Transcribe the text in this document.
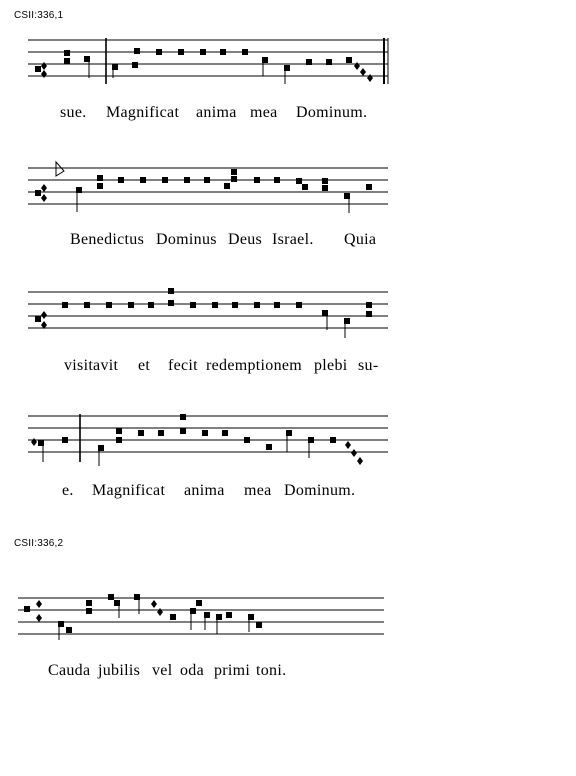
CSII:336,1
sue. Magnificat anima mea Dominum.
Benedictus Dominus Deus Israel. Quia
visitavit et fecit redemptionem plebi su-
e. Magnificat anima mea Dominum.
CSII:336,2
Cauda jubilis vel oda primi toni.
